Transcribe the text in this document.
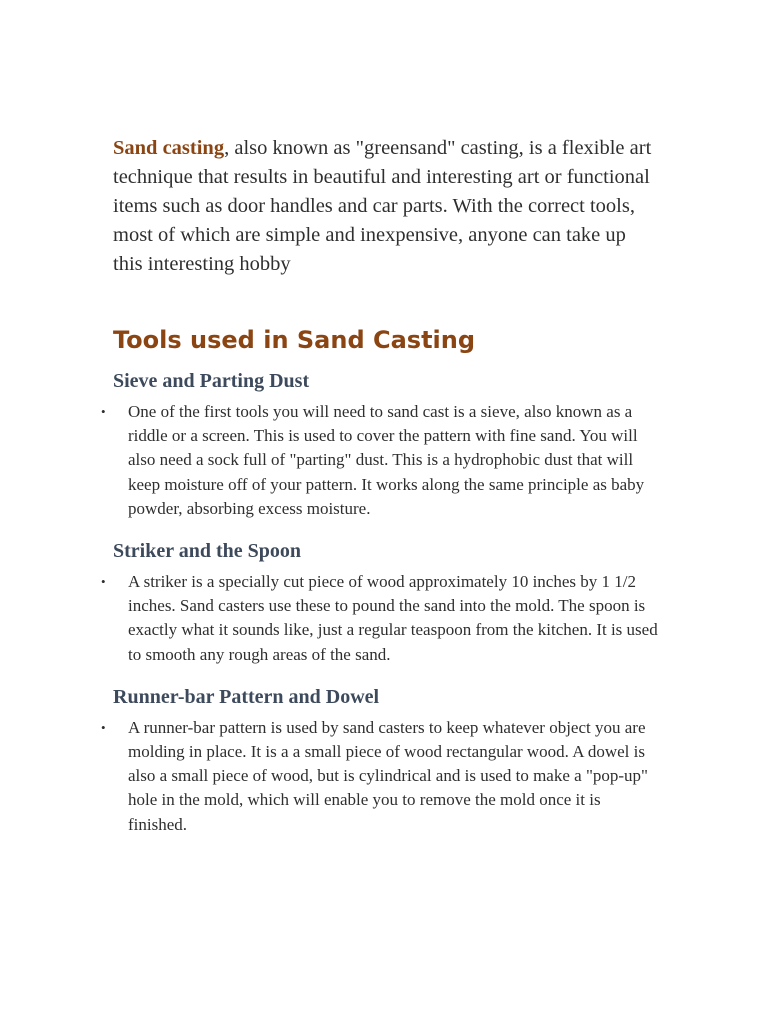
Sand casting, also known as "greensand" casting, is a flexible art technique that results in beautiful and interesting art or functional items such as door handles and car parts. With the correct tools, most of which are simple and inexpensive, anyone can take up this interesting hobby

Tools used in Sand Casting
Sieve and Parting Dust

• One of the first tools you will need to sand cast is a sieve, also known as a riddle or a screen. This is used to cover the pattern with fine sand. You will also need a sock full of "parting" dust. This is a hydrophobic dust that will keep moisture off of your pattern. It works along the same principle as baby powder, absorbing excess moisture.

Striker and the Spoon

• A striker is a specially cut piece of wood approximately 10 inches by 1 1/2 inches. Sand casters use these to pound the sand into the mold. The spoon is exactly what it sounds like, just a regular teaspoon from the kitchen. It is used to smooth any rough areas of the sand.

Runner-bar Pattern and Dowel

• A runner-bar pattern is used by sand casters to keep whatever object you are molding in place. It is a a small piece of wood rectangular wood. A dowel is also a small piece of wood, but is cylindrical and is used to make a "pop-up" hole in the mold, which will enable you to remove the mold once it is finished.
